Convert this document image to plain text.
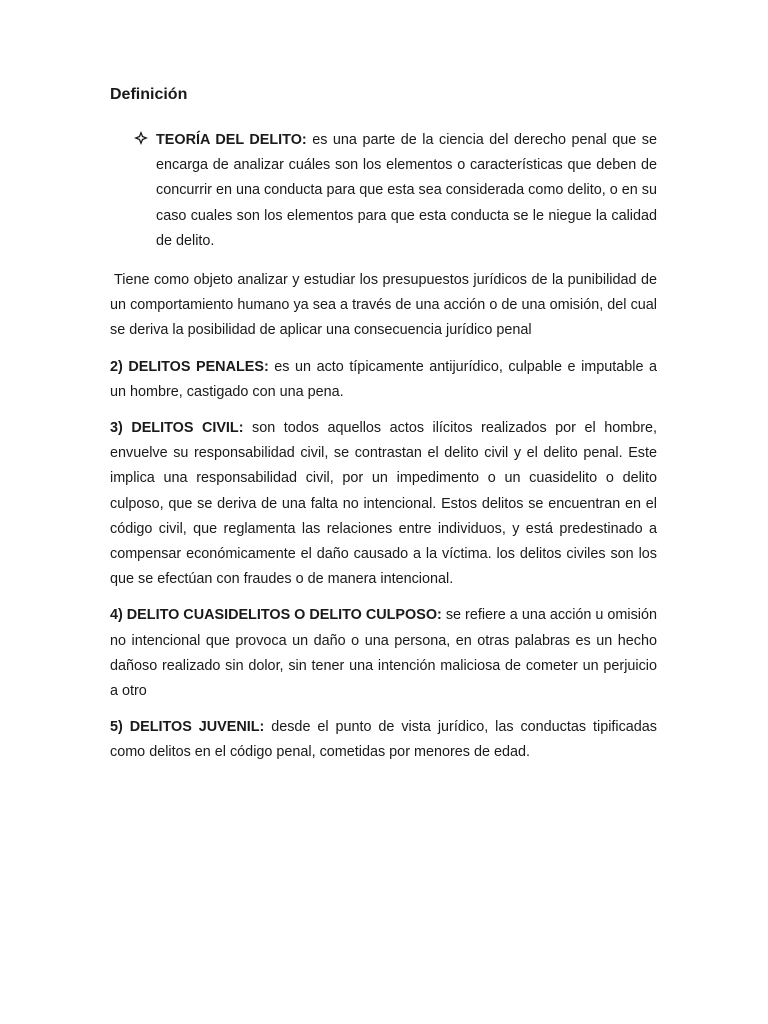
Definición

TEORÍA DEL DELITO: es una parte de la ciencia del derecho penal que se encarga de analizar cuáles son los elementos o características que deben de concurrir en una conducta para que esta sea considerada como delito, o en su caso cuales son los elementos para que esta conducta se le niegue la calidad de delito.

Tiene como objeto analizar y estudiar los presupuestos jurídicos de la punibilidad de un comportamiento humano ya sea a través de una acción o de una omisión, del cual se deriva la posibilidad de aplicar una consecuencia jurídico penal

2) DELITOS PENALES: es un acto típicamente antijurídico, culpable e imputable a un hombre, castigado con una pena.

3) DELITOS CIVIL: son todos aquellos actos ilícitos realizados por el hombre, envuelve su responsabilidad civil, se contrastan el delito civil y el delito penal. Este implica una responsabilidad civil, por un impedimento o un cuasidelito o delito culposo, que se deriva de una falta no intencional. Estos delitos se encuentran en el código civil, que reglamenta las relaciones entre individuos, y está predestinado a compensar económicamente el daño causado a la víctima. los delitos civiles son los que se efectúan con fraudes o de manera intencional.

4) DELITO CUASIDELITOS O DELITO CULPOSO: se refiere a una acción u omisión no intencional que provoca un daño o una persona, en otras palabras es un hecho dañoso realizado sin dolor, sin tener una intención maliciosa de cometer un perjuicio a otro

5) DELITOS JUVENIL: desde el punto de vista jurídico, las conductas tipificadas como delitos en el código penal, cometidas por menores de edad.
